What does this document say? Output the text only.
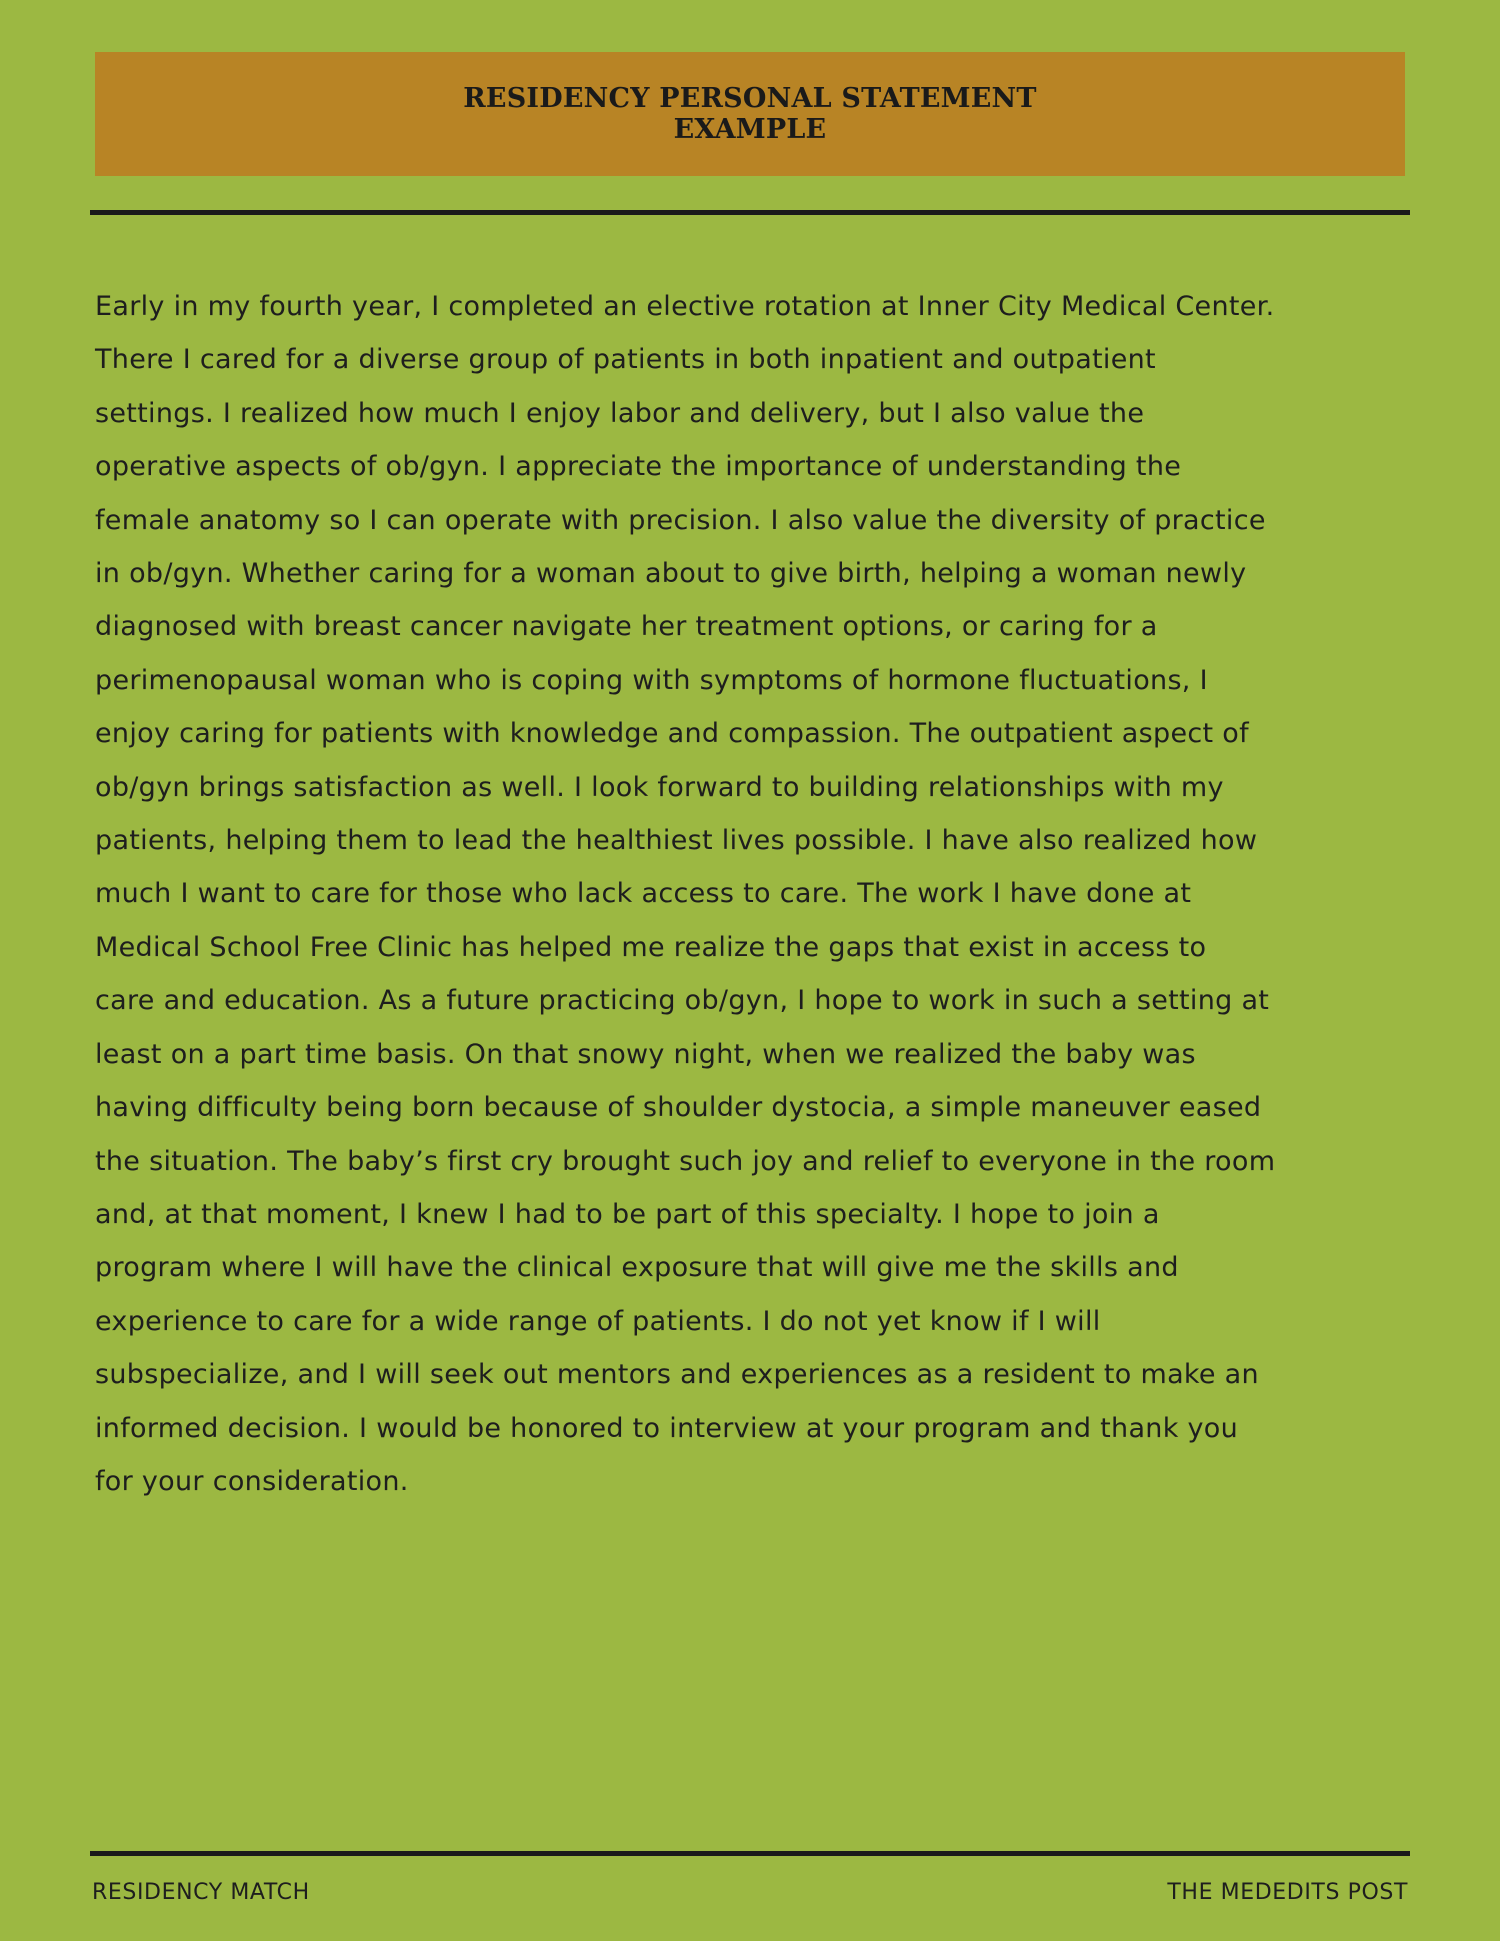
RESIDENCY PERSONAL STATEMENT
EXAMPLE
Early in my fourth year, I completed an elective rotation at Inner City Medical Center.
There I cared for a diverse group of patients in both inpatient and outpatient
settings. I realized how much I enjoy labor and delivery, but I also value the
operative aspects of ob/gyn. I appreciate the importance of understanding the
female anatomy so I can operate with precision. I also value the diversity of practice
in ob/gyn. Whether caring for a woman about to give birth, helping a woman newly
diagnosed with breast cancer navigate her treatment options, or caring for a
perimenopausal woman who is coping with symptoms of hormone fluctuations, I
enjoy caring for patients with knowledge and compassion. The outpatient aspect of
ob/gyn brings satisfaction as well. I look forward to building relationships with my
patients, helping them to lead the healthiest lives possible. I have also realized how
much I want to care for those who lack access to care. The work I have done at
Medical School Free Clinic has helped me realize the gaps that exist in access to
care and education. As a future practicing ob/gyn, I hope to work in such a setting at
least on a part time basis. On that snowy night, when we realized the baby was
having difficulty being born because of shoulder dystocia, a simple maneuver eased
the situation. The baby’s first cry brought such joy and relief to everyone in the room
and, at that moment, I knew I had to be part of this specialty. I hope to join a
program where I will have the clinical exposure that will give me the skills and
experience to care for a wide range of patients. I do not yet know if I will
subspecialize, and I will seek out mentors and experiences as a resident to make an
informed decision. I would be honored to interview at your program and thank you
for your consideration.
RESIDENCY MATCH	THE MEDEDITS POST
